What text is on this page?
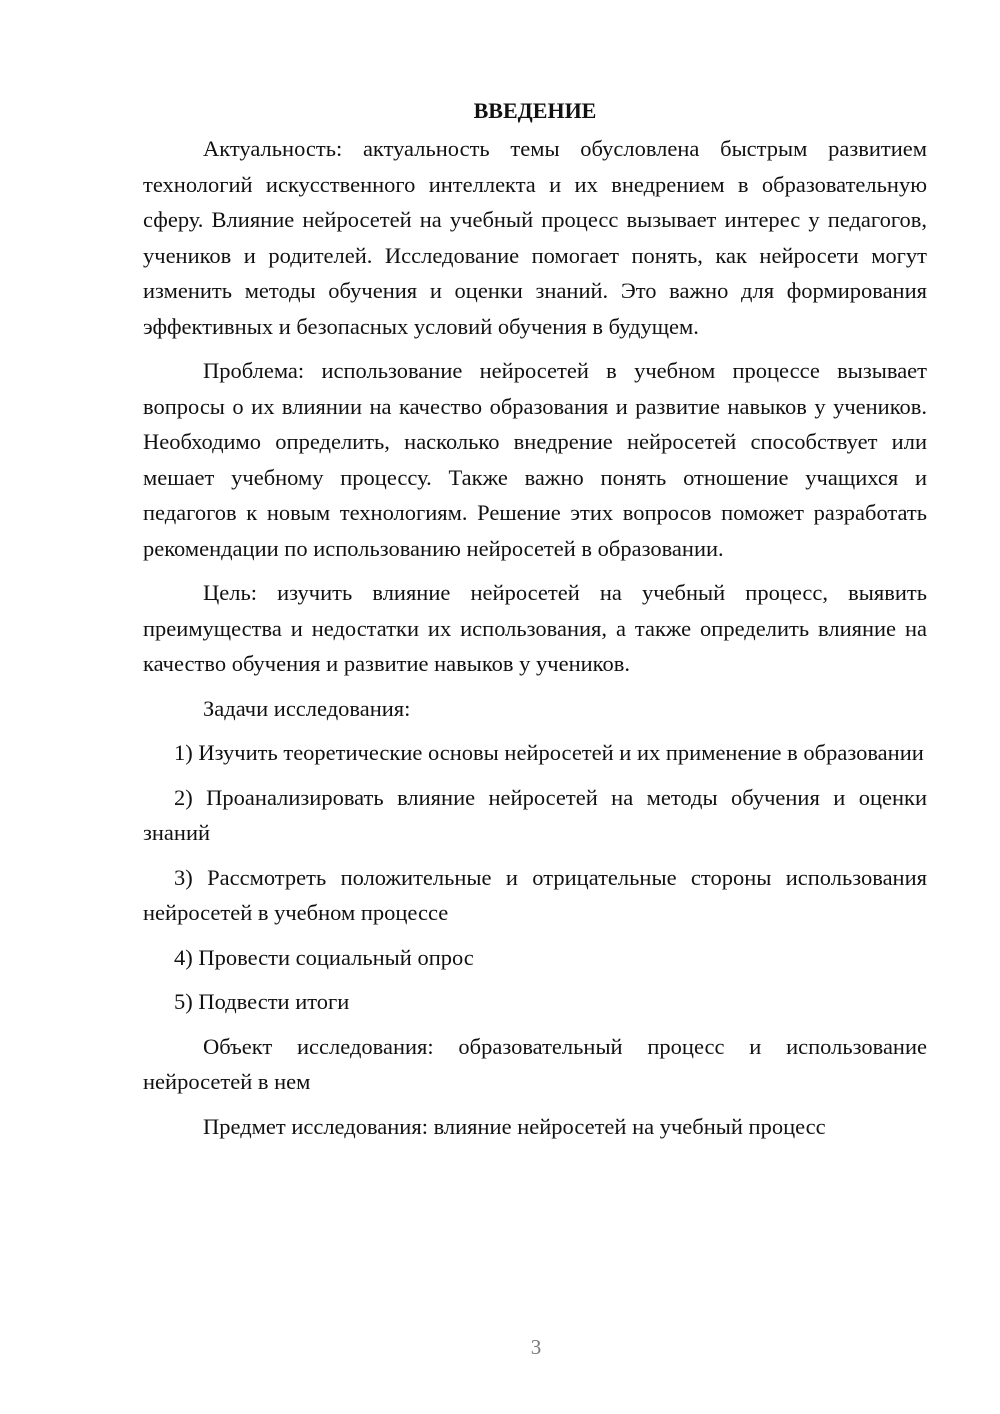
ВВЕДЕНИЕ

Актуальность: актуальность темы обусловлена быстрым развитием технологий искусственного интеллекта и их внедрением в образовательную сферу. Влияние нейросетей на учебный процесс вызывает интерес у педагогов, учеников и родителей. Исследование помогает понять, как нейросети могут изменить методы обучения и оценки знаний. Это важно для формирования эффективных и безопасных условий обучения в будущем.

Проблема: использование нейросетей в учебном процессе вызывает вопросы о их влиянии на качество образования и развитие навыков у учеников. Необходимо определить, насколько внедрение нейросетей способствует или мешает учебному процессу. Также важно понять отношение учащихся и педагогов к новым технологиям. Решение этих вопросов поможет разработать рекомендации по использованию нейросетей в образовании.

Цель: изучить влияние нейросетей на учебный процесс, выявить преимущества и недостатки их использования, а также определить влияние на качество обучения и развитие навыков у учеников.

Задачи исследования:

1) Изучить теоретические основы нейросетей и их применение в образовании

2) Проанализировать влияние нейросетей на методы обучения и оценки знаний

3) Рассмотреть положительные и отрицательные стороны использования нейросетей в учебном процессе

4) Провести социальный опрос

5) Подвести итоги

Объект исследования: образовательный процесс и использование нейросетей в нем

Предмет исследования: влияние нейросетей на учебный процесс

3
